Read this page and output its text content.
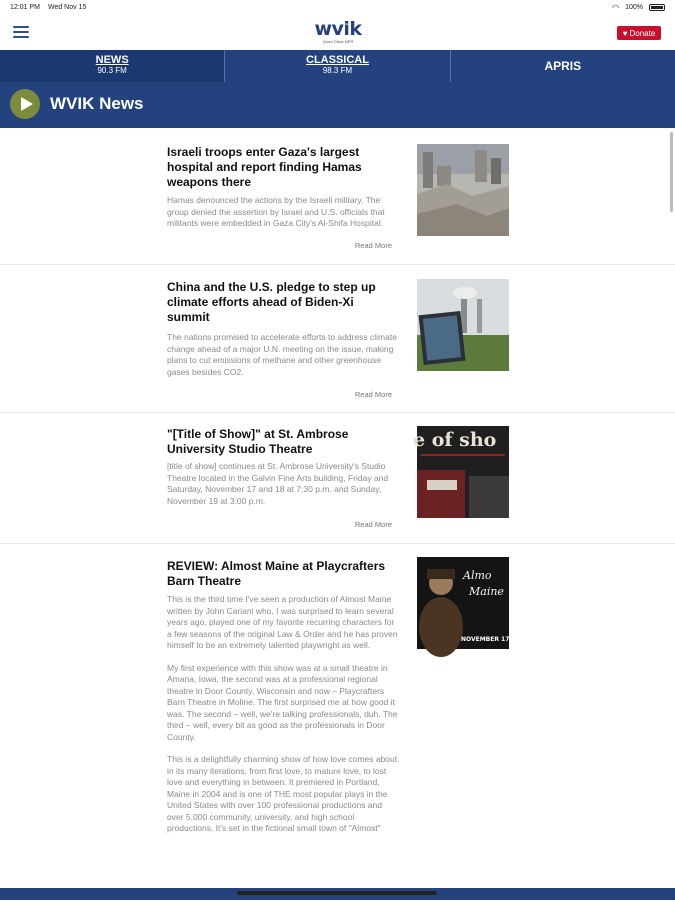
12:01 PM Wed Nov 15	◠ 100%
wvik
Quad Cities NPR
♥ Donate
NEWS
90.3 FM
CLASSICAL
98.3 FM	APRIS
WVIK News
Israeli troops enter Gaza's largest hospital and report finding Hamas weapons there

Hamas denounced the actions by the Israeli military. The group denied the assertion by Israel and U.S. officials that militants were embedded in Gaza City's Al-Shifa Hospital.

Read More
China and the U.S. pledge to step up climate efforts ahead of Biden-Xi summit

The nations promised to accelerate efforts to address climate change ahead of a major U.N. meeting on the issue, making plans to cut emissions of methane and other greenhouse gases besides CO2.

Read More
"[Title of Show]" at St. Ambrose University Studio Theatre

[title of show] continues at St. Ambrose University's Studio Theatre located in the Galvin Fine Arts building, Friday and Saturday, November 17 and 18 at 7:30 p.m. and Sunday, November 19 at 3:00 p.m.

Read More
e of sho
REVIEW: Almost Maine at Playcrafters Barn Theatre

This is the third time I've seen a production of Almost Maine written by John Cariani who, I was surprised to learn several years ago, played one of my favorite recurring characters for a few seasons of the original Law & Order and he has proven himself to be an extremely talented playwright as well.

My first experience with this show was at a small theatre in Amana, Iowa, the second was at a professional regional theatre in Door County, Wisconsin and now – Playcrafters Barn Theatre in Moline. The first surprised me at how good it was. The second – well, we're talking professionals, duh. The third – well, every bit as good as the professionals in Door County.

This is a delightfully charming show of how love comes about in its many iterations, from first love, to mature love, to lost love and everything in between. It premiered in Portland, Maine in 2004 and is one of THE most popular plays in the United States with over 100 professional productions and over 5,000 community, university, and high school productions. It's set in the fictional small town of "Almost"

Almo
Maine
NOVEMBER 17-1
